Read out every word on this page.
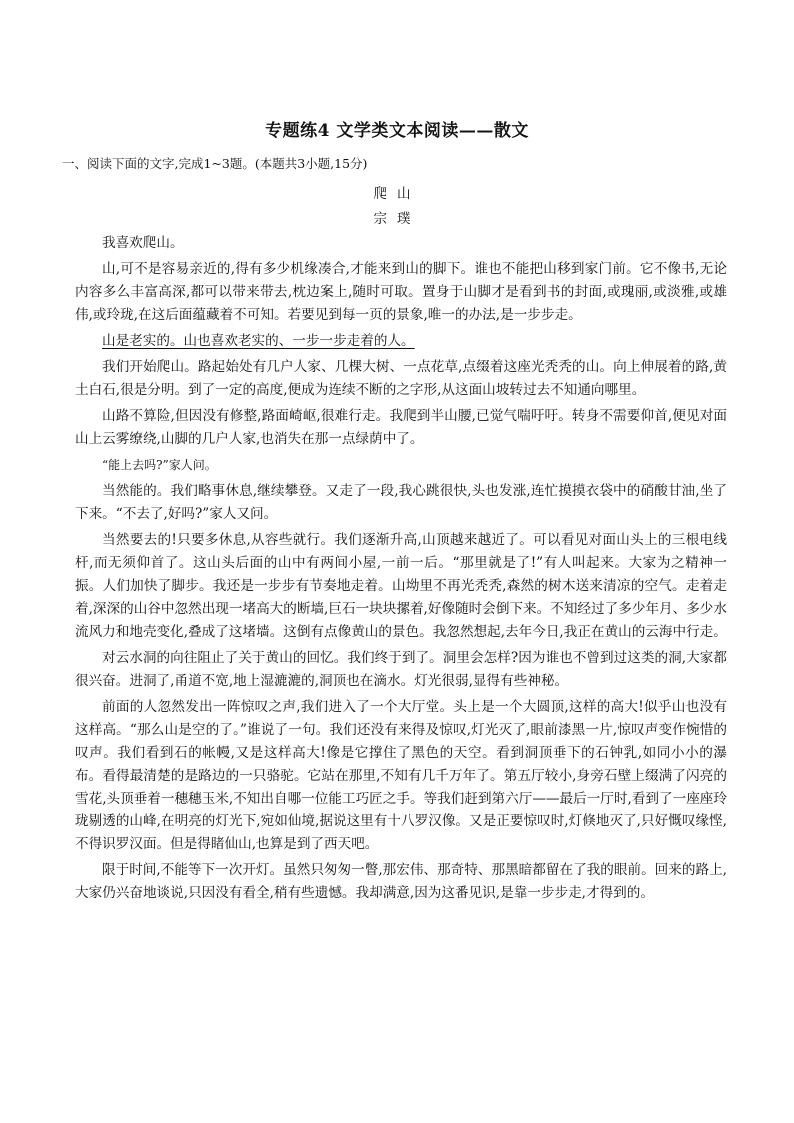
专题练4 文学类文本阅读——散文
一、阅读下面的文字,完成1~3题。(本题共3小题,15分)
爬山
宗璞

我喜欢爬山。

山,可不是容易亲近的,得有多少机缘凑合,才能来到山的脚下。谁也不能把山移到家门前。它不像书,无论内容多么丰富高深,都可以带来带去,枕边案上,随时可取。置身于山脚才是看到书的封面,或瑰丽,或淡雅,或雄伟,或玲珑,在这后面蕴藏着不可知。若要见到每一页的景象,唯一的办法,是一步步走。

山是老实的。山也喜欢老实的、一步一步走着的人。

我们开始爬山。路起始处有几户人家、几棵大树、一点花草,点缀着这座光秃秃的山。向上伸展着的路,黄土白石,很是分明。到了一定的高度,便成为连续不断的之字形,从这面山坡转过去不知通向哪里。

山路不算险,但因没有修整,路面崎岖,很难行走。我爬到半山腰,已觉气喘吁吁。转身不需要仰首,便见对面山上云雾缭绕,山脚的几户人家,也消失在那一点绿荫中了。

“能上去吗?”家人问。

当然能的。我们略事休息,继续攀登。又走了一段,我心跳很快,头也发涨,连忙摸摸衣袋中的硝酸甘油,坐了下来。“不去了,好吗?”家人又问。

当然要去的!只要多休息,从容些就行。我们逐渐升高,山顶越来越近了。可以看见对面山头上的三根电线杆,而无须仰首了。这山头后面的山中有两间小屋,一前一后。“那里就是了!”有人叫起来。大家为之精神一振。人们加快了脚步。我还是一步步有节奏地走着。山坳里不再光秃秃,森然的树木送来清凉的空气。走着走着,深深的山谷中忽然出现一堵高大的断墙,巨石一块块摞着,好像随时会倒下来。不知经过了多少年月、多少水流风力和地壳变化,叠成了这堵墙。这倒有点像黄山的景色。我忽然想起,去年今日,我正在黄山的云海中行走。

对云水洞的向往阻止了关于黄山的回忆。我们终于到了。洞里会怎样?因为谁也不曾到过这类的洞,大家都很兴奋。进洞了,甬道不宽,地上湿漉漉的,洞顶也在滴水。灯光很弱,显得有些神秘。

前面的人忽然发出一阵惊叹之声,我们进入了一个大厅堂。头上是一个大圆顶,这样的高大!似乎山也没有这样高。“那么山是空的了。”谁说了一句。我们还没有来得及惊叹,灯光灭了,眼前漆黑一片,惊叹声变作惋惜的叹声。我们看到石的帐幔,又是这样高大!像是它撑住了黑色的天空。看到洞顶垂下的石钟乳,如同小小的瀑布。看得最清楚的是路边的一只骆驼。它站在那里,不知有几千万年了。第五厅较小,身旁石壁上缀满了闪亮的雪花,头顶垂着一穗穗玉米,不知出自哪一位能工巧匠之手。等我们赶到第六厅——最后一厅时,看到了一座座玲珑剔透的山峰,在明亮的灯光下,宛如仙境,据说这里有十八罗汉像。又是正要惊叹时,灯倏地灭了,只好慨叹缘悭,不得识罗汉面。但是得睹仙山,也算是到了西天吧。

限于时间,不能等下一次开灯。虽然只匆匆一瞥,那宏伟、那奇特、那黑暗都留在了我的眼前。回来的路上,大家仍兴奋地谈说,只因没有看全,稍有些遗憾。我却满意,因为这番见识,是靠一步步走,才得到的。
